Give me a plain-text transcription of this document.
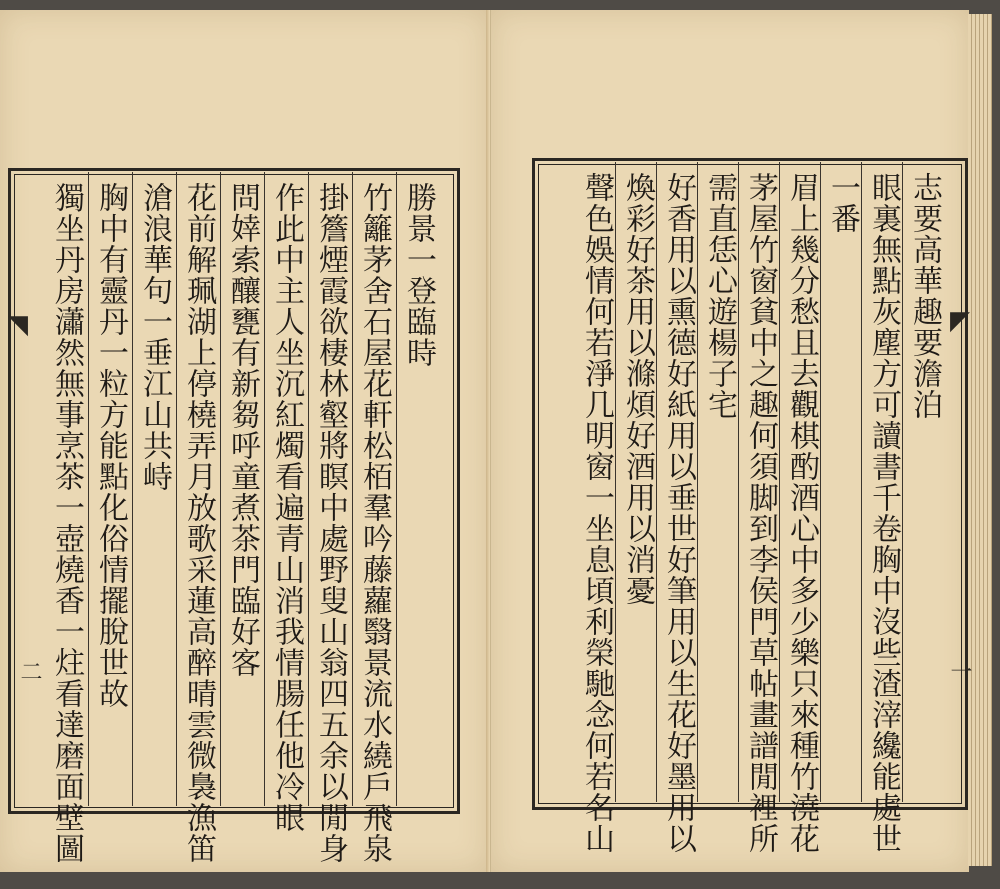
◥	◤
志要高華趣要澹泊
眼裏無點灰塵方可讀書千卷胸中沒些渣滓纔能處世
一番
眉上幾分愁且去觀棋酌酒心中多少樂只來種竹澆花
茅屋竹窗貧中之趣何須脚到李侯門草帖畫譜閒裡所
需直恁心遊楊子宅
好香用以熏德好紙用以垂世好筆用以生花好墨用以
煥彩好茶用以滌煩好酒用以消憂
聲色娛情何若淨几明窗一坐息頃利榮馳念何若名山
勝景一登臨時
竹籬茅舍石屋花軒松栢羣吟藤蘿翳景流水繞戶飛泉
掛簷煙霞欲棲林壑將瞑中處野叟山翁四五余以閒身
作此中主人坐沉紅燭看遍青山消我情腸任他冷眼
問婞索釀甕有新芻呼童煮茶門臨好客
花前解珮湖上停橈弄月放歌采蓮高醉晴雲微裊漁笛
滄浪華句一垂江山共峙
胸中有靈丹一粒方能點化俗情擺脫世故
獨坐丹房瀟然無事烹茶一壺燒香一炷看達磨面壁圖
二	一
